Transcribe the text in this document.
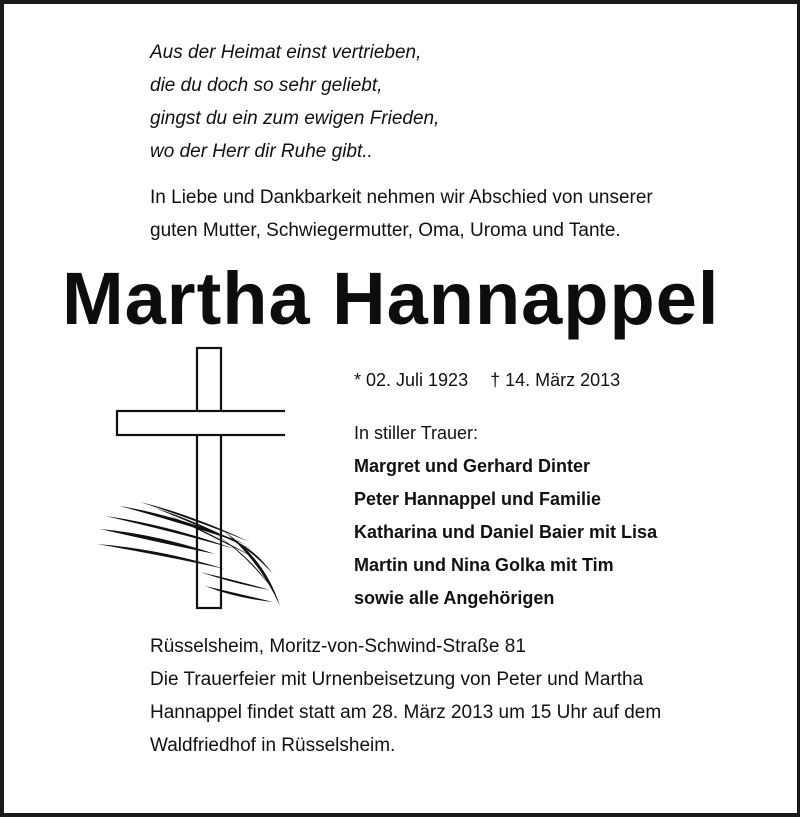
Aus der Heimat einst vertrieben,
die du doch so sehr geliebt,
gingst du ein zum ewigen Frieden,
wo der Herr dir Ruhe gibt..
In Liebe und Dankbarkeit nehmen wir Abschied von unserer
guten Mutter, Schwiegermutter, Oma, Uroma und Tante.
Martha Hannappel
* 02. Juli 1923 † 14. März 2013
In stiller Trauer:
Margret und Gerhard Dinter
Peter Hannappel und Familie
Katharina und Daniel Baier mit Lisa
Martin und Nina Golka mit Tim
sowie alle Angehörigen
Rüsselsheim, Moritz-von-Schwind-Straße 81
Die Trauerfeier mit Urnenbeisetzung von Peter und Martha
Hannappel findet statt am 28. März 2013 um 15 Uhr auf dem
Waldfriedhof in Rüsselsheim.
